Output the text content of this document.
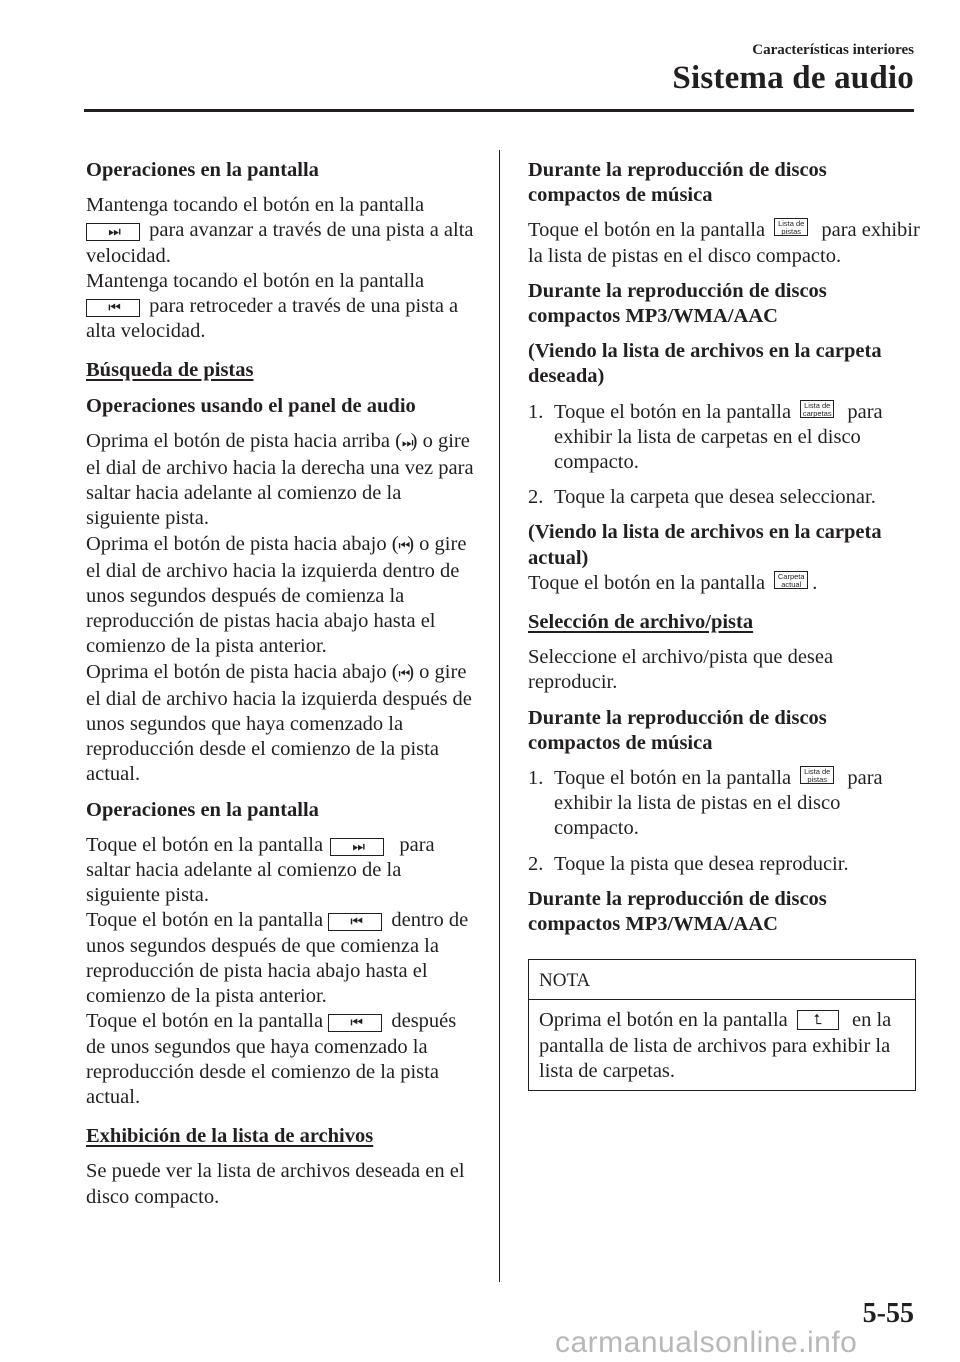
Características interiores
Sistema de audio

Operaciones en la pantalla

Mantenga tocando el botón en la pantalla
⏭ para avanzar a través de una pista a alta velocidad.

Mantenga tocando el botón en la pantalla
⏮ para retroceder a través de una pista a alta velocidad.

Búsqueda de pistas

Operaciones usando el panel de audio

Oprima el botón de pista hacia arriba (⏭) o gire el dial de archivo hacia la derecha una vez para saltar hacia adelante al comienzo de la siguiente pista.

Oprima el botón de pista hacia abajo (⏮) o gire el dial de archivo hacia la izquierda dentro de unos segundos después de comienza la reproducción de pistas hacia abajo hasta el comienzo de la pista anterior.

Oprima el botón de pista hacia abajo (⏮) o gire el dial de archivo hacia la izquierda después de unos segundos que haya comenzado la reproducción desde el comienzo de la pista actual.

Operaciones en la pantalla

Toque el botón en la pantalla ⏭ para saltar hacia adelante al comienzo de la siguiente pista.

Toque el botón en la pantalla ⏮ dentro de unos segundos después de que comienza la reproducción de pista hacia abajo hasta el comienzo de la pista anterior.

Toque el botón en la pantalla ⏮ después de unos segundos que haya comenzado la reproducción desde el comienzo de la pista actual.

Exhibición de la lista de archivos

Se puede ver la lista de archivos deseada en el disco compacto.

Durante la reproducción de discos compactos de música

Toque el botón en la pantalla Lista de
pistas para exhibir la lista de pistas en el disco compacto.

Durante la reproducción de discos compactos MP3/WMA/AAC

(Viendo la lista de archivos en la carpeta deseada)

1. Toque el botón en la pantalla Lista de
carpetas para exhibir la lista de carpetas en el disco compacto.
2. Toque la carpeta que desea seleccionar.

(Viendo la lista de archivos en la carpeta actual)

Toque el botón en la pantalla Carpeta
actual .

Selección de archivo/pista

Seleccione el archivo/pista que desea reproducir.

Durante la reproducción de discos compactos de música

1. Toque el botón en la pantalla Lista de
pistas para exhibir la lista de pistas en el disco compacto.
2. Toque la pista que desea reproducir.

Durante la reproducción de discos compactos MP3/WMA/AAC

NOTA
Oprima el botón en la pantalla ⮤ en la pantalla de lista de archivos para exhibir la lista de carpetas.
5-55
carmanualsonline.info
